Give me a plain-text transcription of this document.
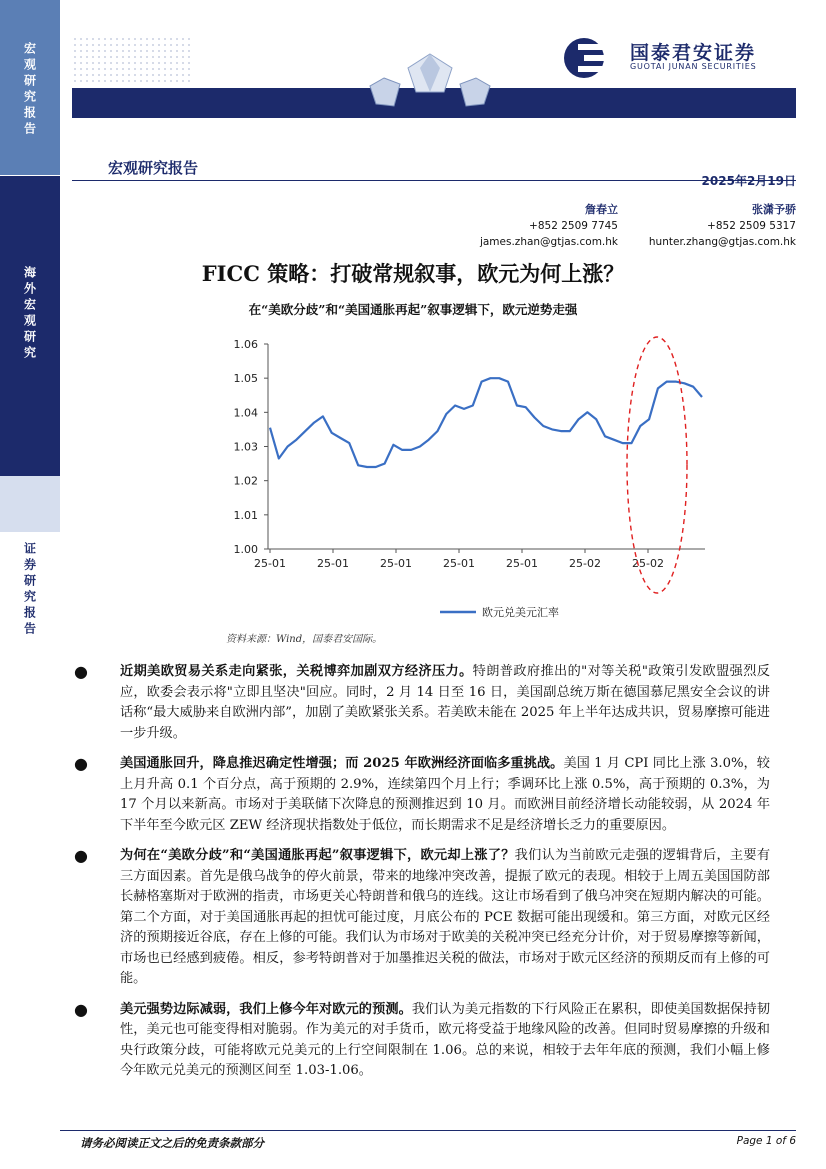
宏观研究报告
海外宏观研究
证券研究报告
国泰君安证券
GUOTAI JUNAN SECURITIES
宏观研究报告
2025年2月19日
詹春立
+852 2509 7745
james.zhan@gtjas.com.hk
张潇予骄
+852 2509 5317
hunter.zhang@gtjas.com.hk
FICC 策略：打破常规叙事，欧元为何上涨？
在“美欧分歧”和“美国通胀再起”叙事逻辑下，欧元逆势走强
1.00
1.01
1.02
1.03
1.04
1.05
1.06
25-01	25-01	25-01	25-01	25-01	25-02	25-02
欧元兑美元汇率
资料来源：Wind，国泰君安国际。
● 近期美欧贸易关系走向紧张，关税博弈加剧双方经济压力。特朗普政府推出的"对等关税"政策引发欧盟强烈反应，欧委会表示将"立即且坚决"回应。同时，2 月 14 日至 16 日，美国副总统万斯在德国慕尼黑安全会议的讲话称“最大威胁来自欧洲内部”，加剧了美欧紧张关系。若美欧未能在 2025 年上半年达成共识，贸易摩擦可能进一步升级。
● 美国通胀回升，降息推迟确定性增强；而 2025 年欧洲经济面临多重挑战。美国 1 月 CPI 同比上涨 3.0%，较上月升高 0.1 个百分点，高于预期的 2.9%，连续第四个月上行；季调环比上涨 0.5%，高于预期的 0.3%，为 17 个月以来新高。市场对于美联储下次降息的预测推迟到 10 月。而欧洲目前经济增长动能较弱，从 2024 年下半年至今欧元区 ZEW 经济现状指数处于低位，而长期需求不足是经济增长乏力的重要原因。
● 为何在“美欧分歧”和“美国通胀再起”叙事逻辑下，欧元却上涨了？我们认为当前欧元走强的逻辑背后，主要有三方面因素。首先是俄乌战争的停火前景，带来的地缘冲突改善，提振了欧元的表现。相较于上周五美国国防部长赫格塞斯对于欧洲的指责，市场更关心特朗普和俄乌的连线。这让市场看到了俄乌冲突在短期内解决的可能。第二个方面，对于美国通胀再起的担忧可能过度，月底公布的 PCE 数据可能出现缓和。第三方面，对欧元区经济的预期接近谷底，存在上修的可能。我们认为市场对于欧美的关税冲突已经充分计价，对于贸易摩擦等新闻，市场也已经感到疲倦。相反，参考特朗普对于加墨推迟关税的做法，市场对于欧元区经济的预期反而有上修的可能。
● 美元强势边际减弱，我们上修今年对欧元的预测。我们认为美元指数的下行风险正在累积，即使美国数据保持韧性，美元也可能变得相对脆弱。作为美元的对手货币，欧元将受益于地缘风险的改善。但同时贸易摩擦的升级和央行政策分歧，可能将欧元兑美元的上行空间限制在 1.06。总的来说，相较于去年年底的预测，我们小幅上修今年欧元兑美元的预测区间至 1.03-1.06。
请务必阅读正文之后的免责条款部分	Page 1 of 6
